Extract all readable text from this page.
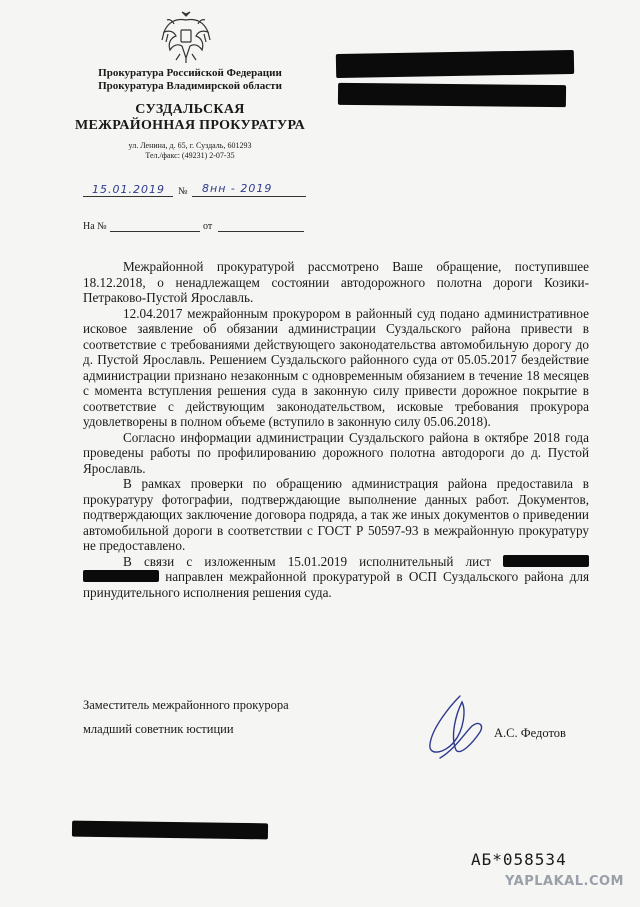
Прокуратура Российской Федерации
Прокуратура Владимирской области
СУЗДАЛЬСКАЯ
МЕЖРАЙОННАЯ ПРОКУРАТУРА
ул. Ленина, д. 65, г. Суздаль, 601293
Тел./факс: (49231) 2-07-35
15.01.2019 № 8нн - 2019
На №	от

Межрайонной прокуратурой рассмотрено Ваше обращение, поступившее 18.12.2018, о ненадлежащем состоянии автодорожного полотна дороги Козики-Петраково-Пустой Ярославль.

12.04.2017 межрайонным прокурором в районный суд подано административное исковое заявление об обязании администрации Суздальского района привести в соответствие с требованиями действующего законодательства автомобильную дорогу до д. Пустой Ярославль. Решением Суздальского районного суда от 05.05.2017 бездействие администрации признано незаконным с одновременным обязанием в течение 18 месяцев с момента вступления решения суда в законную силу привести дорожное покрытие в соответствие с действующим законодательством, исковые требования прокурора удовлетворены в полном объеме (вступило в законную силу 05.06.2018).

Согласно информации администрации Суздальского района в октябре 2018 года проведены работы по профилированию дорожного полотна автодороги до д. Пустой Ярославль.

В рамках проверки по обращению администрация района предоставила в прокуратуру фотографии, подтверждающие выполнение данных работ. Документов, подтверждающих заключение договора подряда, а так же иных документов о приведении автомобильной дороги в соответствии с ГОСТ Р 50597-93 в межрайонную прокуратуру не предоставлено.

В связи с изложенным 15.01.2019 исполнительный лист   направлен межрайонной прокуратурой в ОСП Суздальского района для принудительного исполнения решения суда.

Заместитель межрайонного прокурора
младший советник юстиции	А.С. Федотов
АБ*058534
YAPLAKAL.COM
